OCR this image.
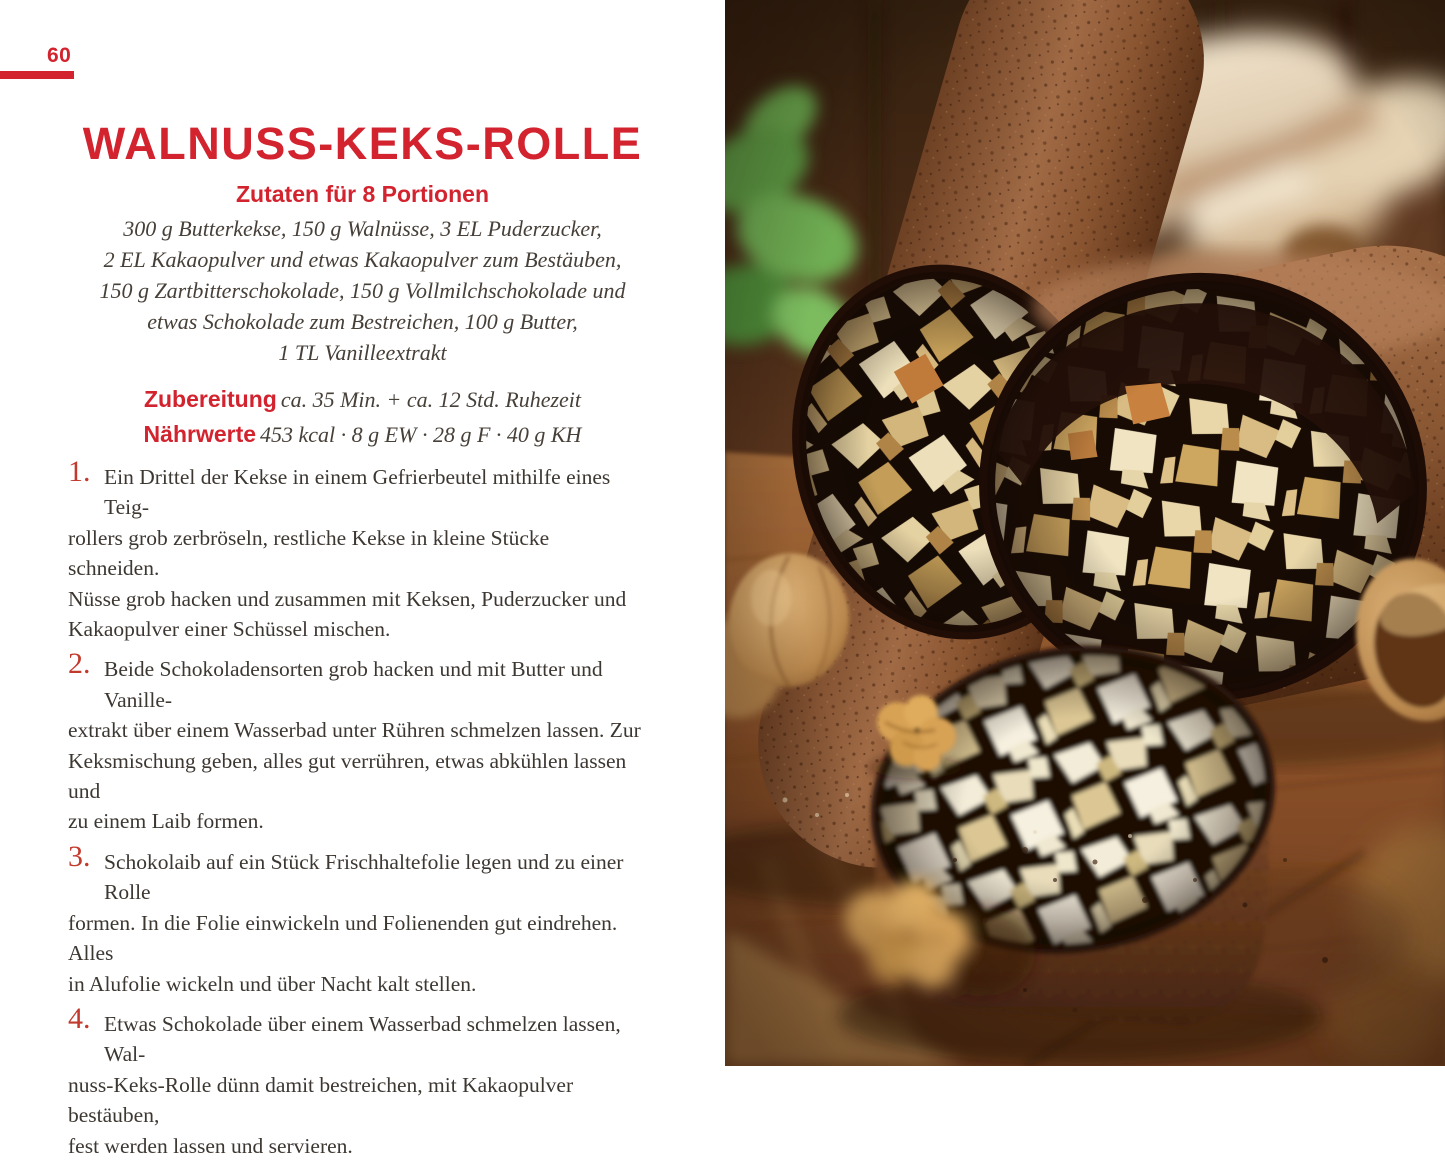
60
WALNUSS-KEKS-ROLLE
Zutaten für 8 Portionen
300 g Butterkekse, 150 g Walnüsse, 3 EL Puderzucker,
2 EL Kakaopulver und etwas Kakaopulver zum Bestäuben,
150 g Zartbitterschokolade, 150 g Vollmilchschokolade und
etwas Schokolade zum Bestreichen, 100 g Butter,
1 TL Vanilleextrakt
Zubereitung ca. 35 Min. + ca. 12 Std. Ruhezeit
Nährwerte 453 kcal · 8 g EW · 28 g F · 40 g KH
1. Ein Drittel der Kekse in einem Gefrierbeutel mithilfe eines Teig-
rollers grob zerbröseln, restliche Kekse in kleine Stücke schneiden.
Nüsse grob hacken und zusammen mit Keksen, Puderzucker und
Kakaopulver einer Schüssel mischen.
2. Beide Schokoladensorten grob hacken und mit Butter und Vanille-
extrakt über einem Wasserbad unter Rühren schmelzen lassen. Zur
Keksmischung geben, alles gut verrühren, etwas abkühlen lassen und
zu einem Laib formen.
3. Schokolaib auf ein Stück Frischhaltefolie legen und zu einer Rolle
formen. In die Folie einwickeln und Folienenden gut eindrehen. Alles
in Alufolie wickeln und über Nacht kalt stellen.
4. Etwas Schokolade über einem Wasserbad schmelzen lassen, Wal-
nuss-Keks-Rolle dünn damit bestreichen, mit Kakaopulver bestäuben,
fest werden lassen und servieren.
